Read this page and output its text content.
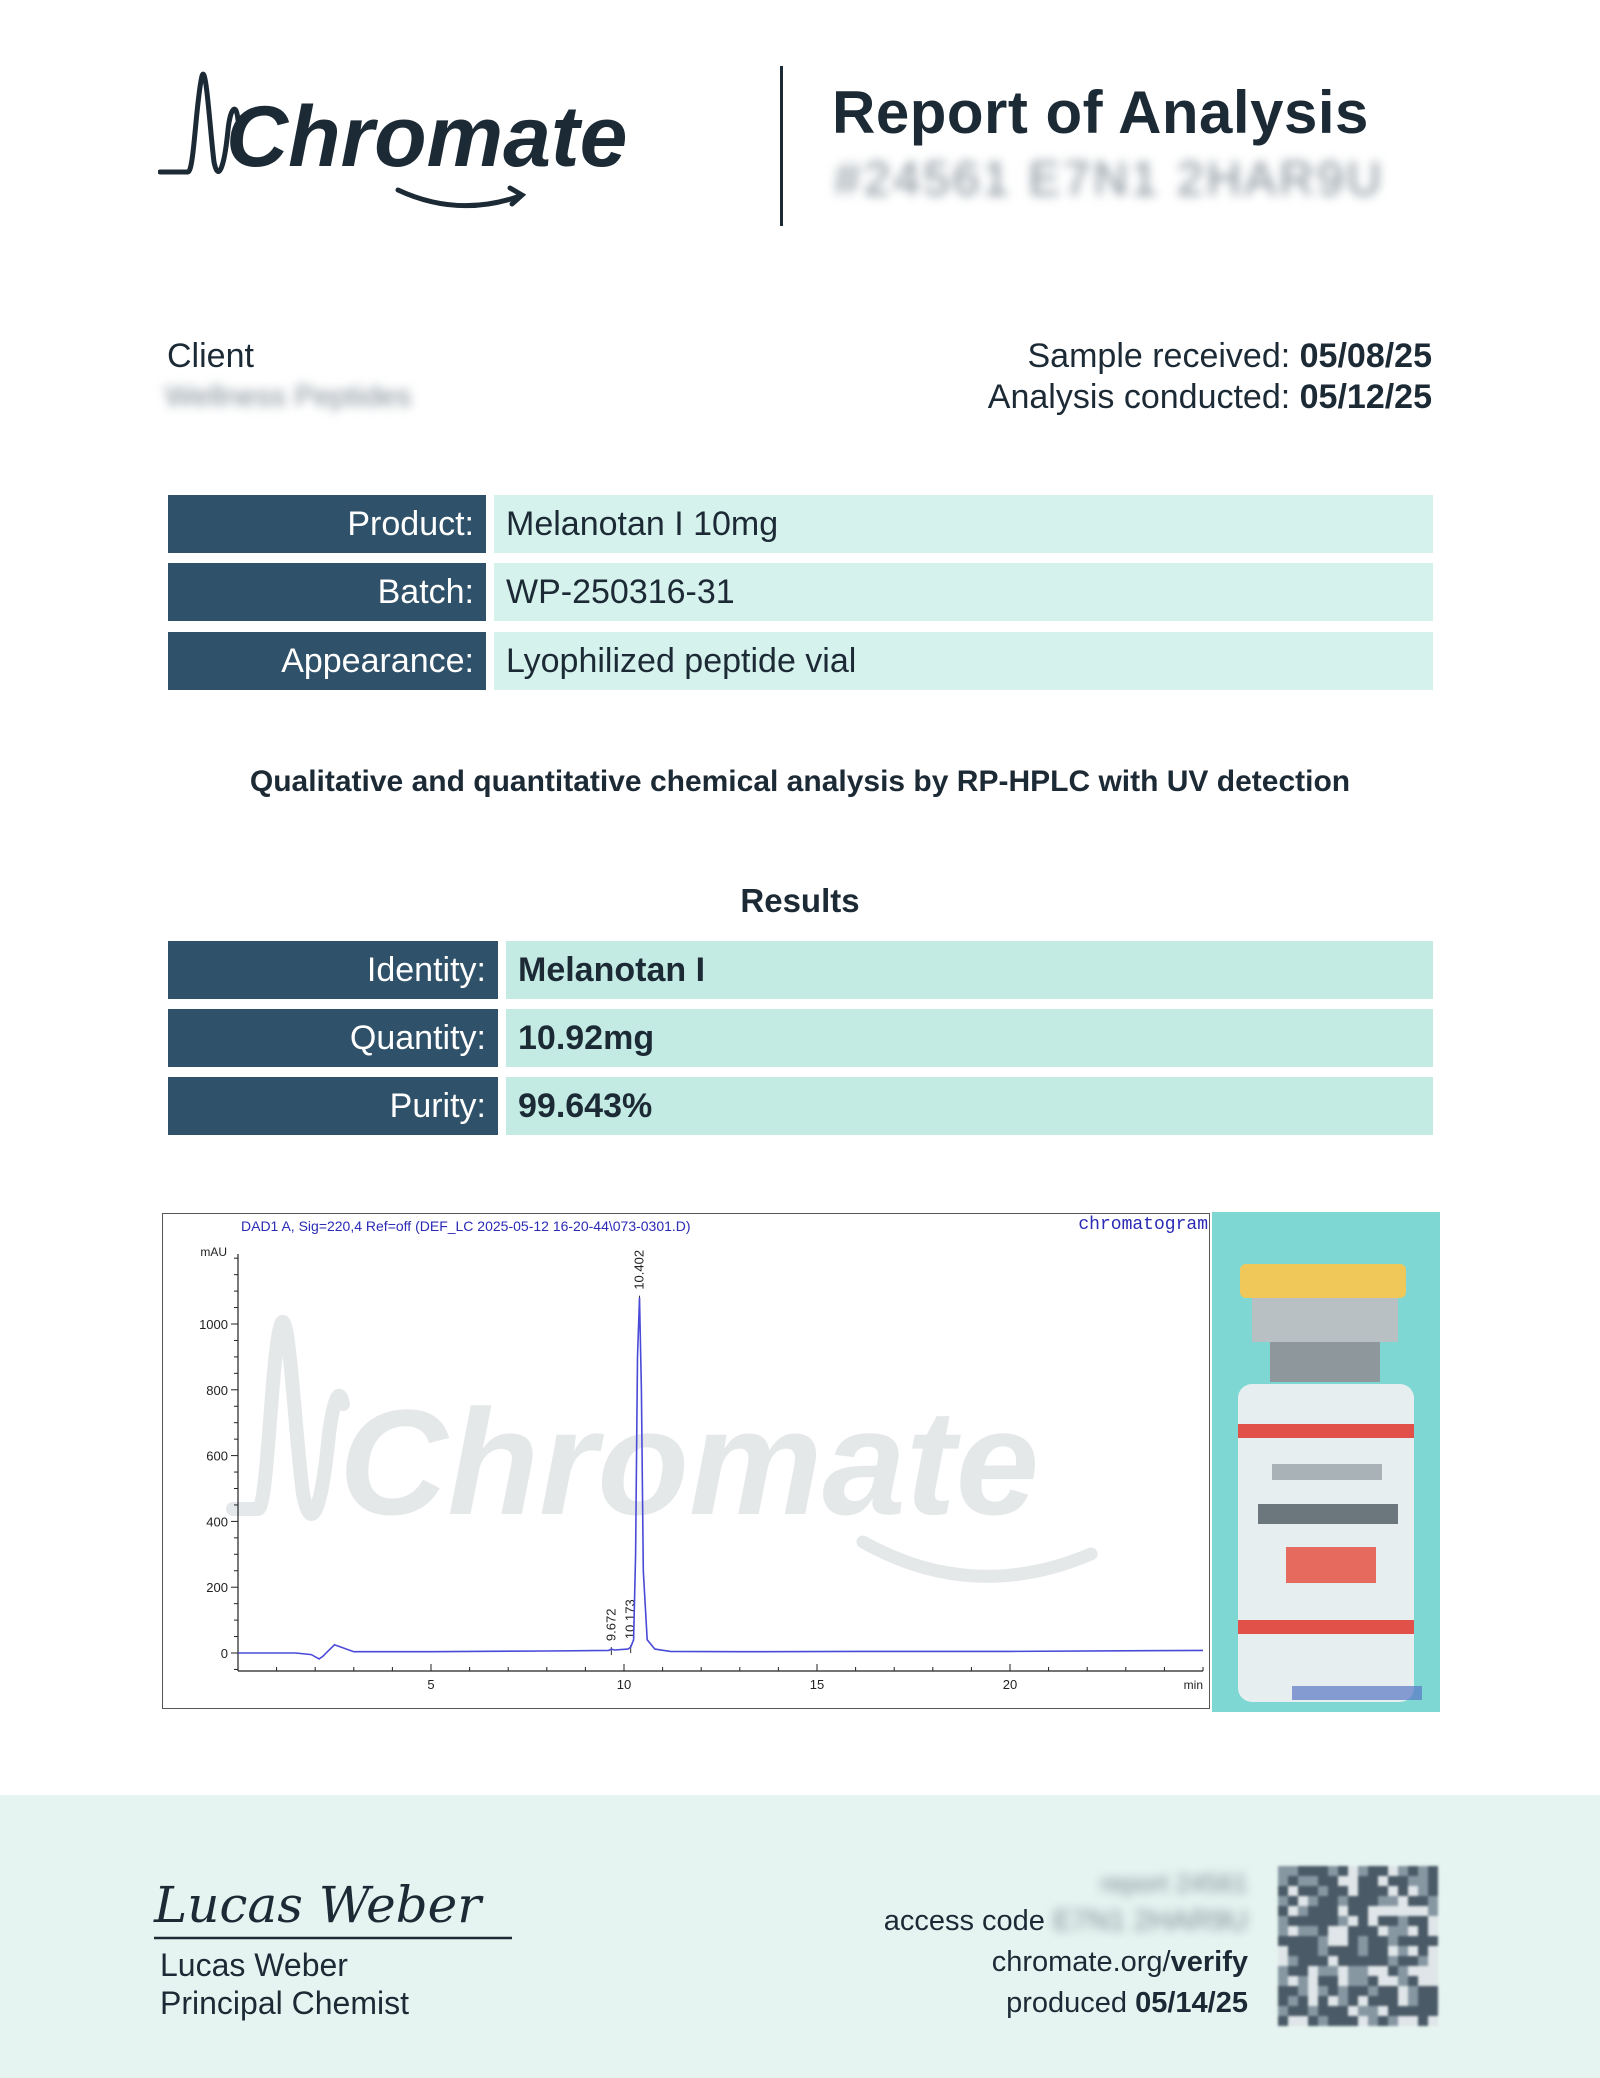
Chromate	Report of Analysis
#24561 E7N1 2HAR9U
Client
Wellness Peptides
Sample received: 05/08/25
Analysis conducted: 05/12/25
Product: Melanotan I 10mg
Batch: WP-250316-31
Appearance: Lyophilized peptide vial
Qualitative and quantitative chemical analysis by RP-HPLC with UV detection
Results
Identity: Melanotan I
Quantity: 10.92mg
Purity: 99.643%
Chromate
DAD1 A, Sig=220,4 Ref=off (DEF_LC 2025-05-12 16-20-44\073-0301.D)	chromatogram
mAU
0
200
400
600
800
1000
5	10	15	20	min
9.672 10.173
10.402
Lucas Weber
Lucas Weber
Principal Chemist
report 24561
access code E7N1 2HAR9U
chromate.org/verify
produced 05/14/25
